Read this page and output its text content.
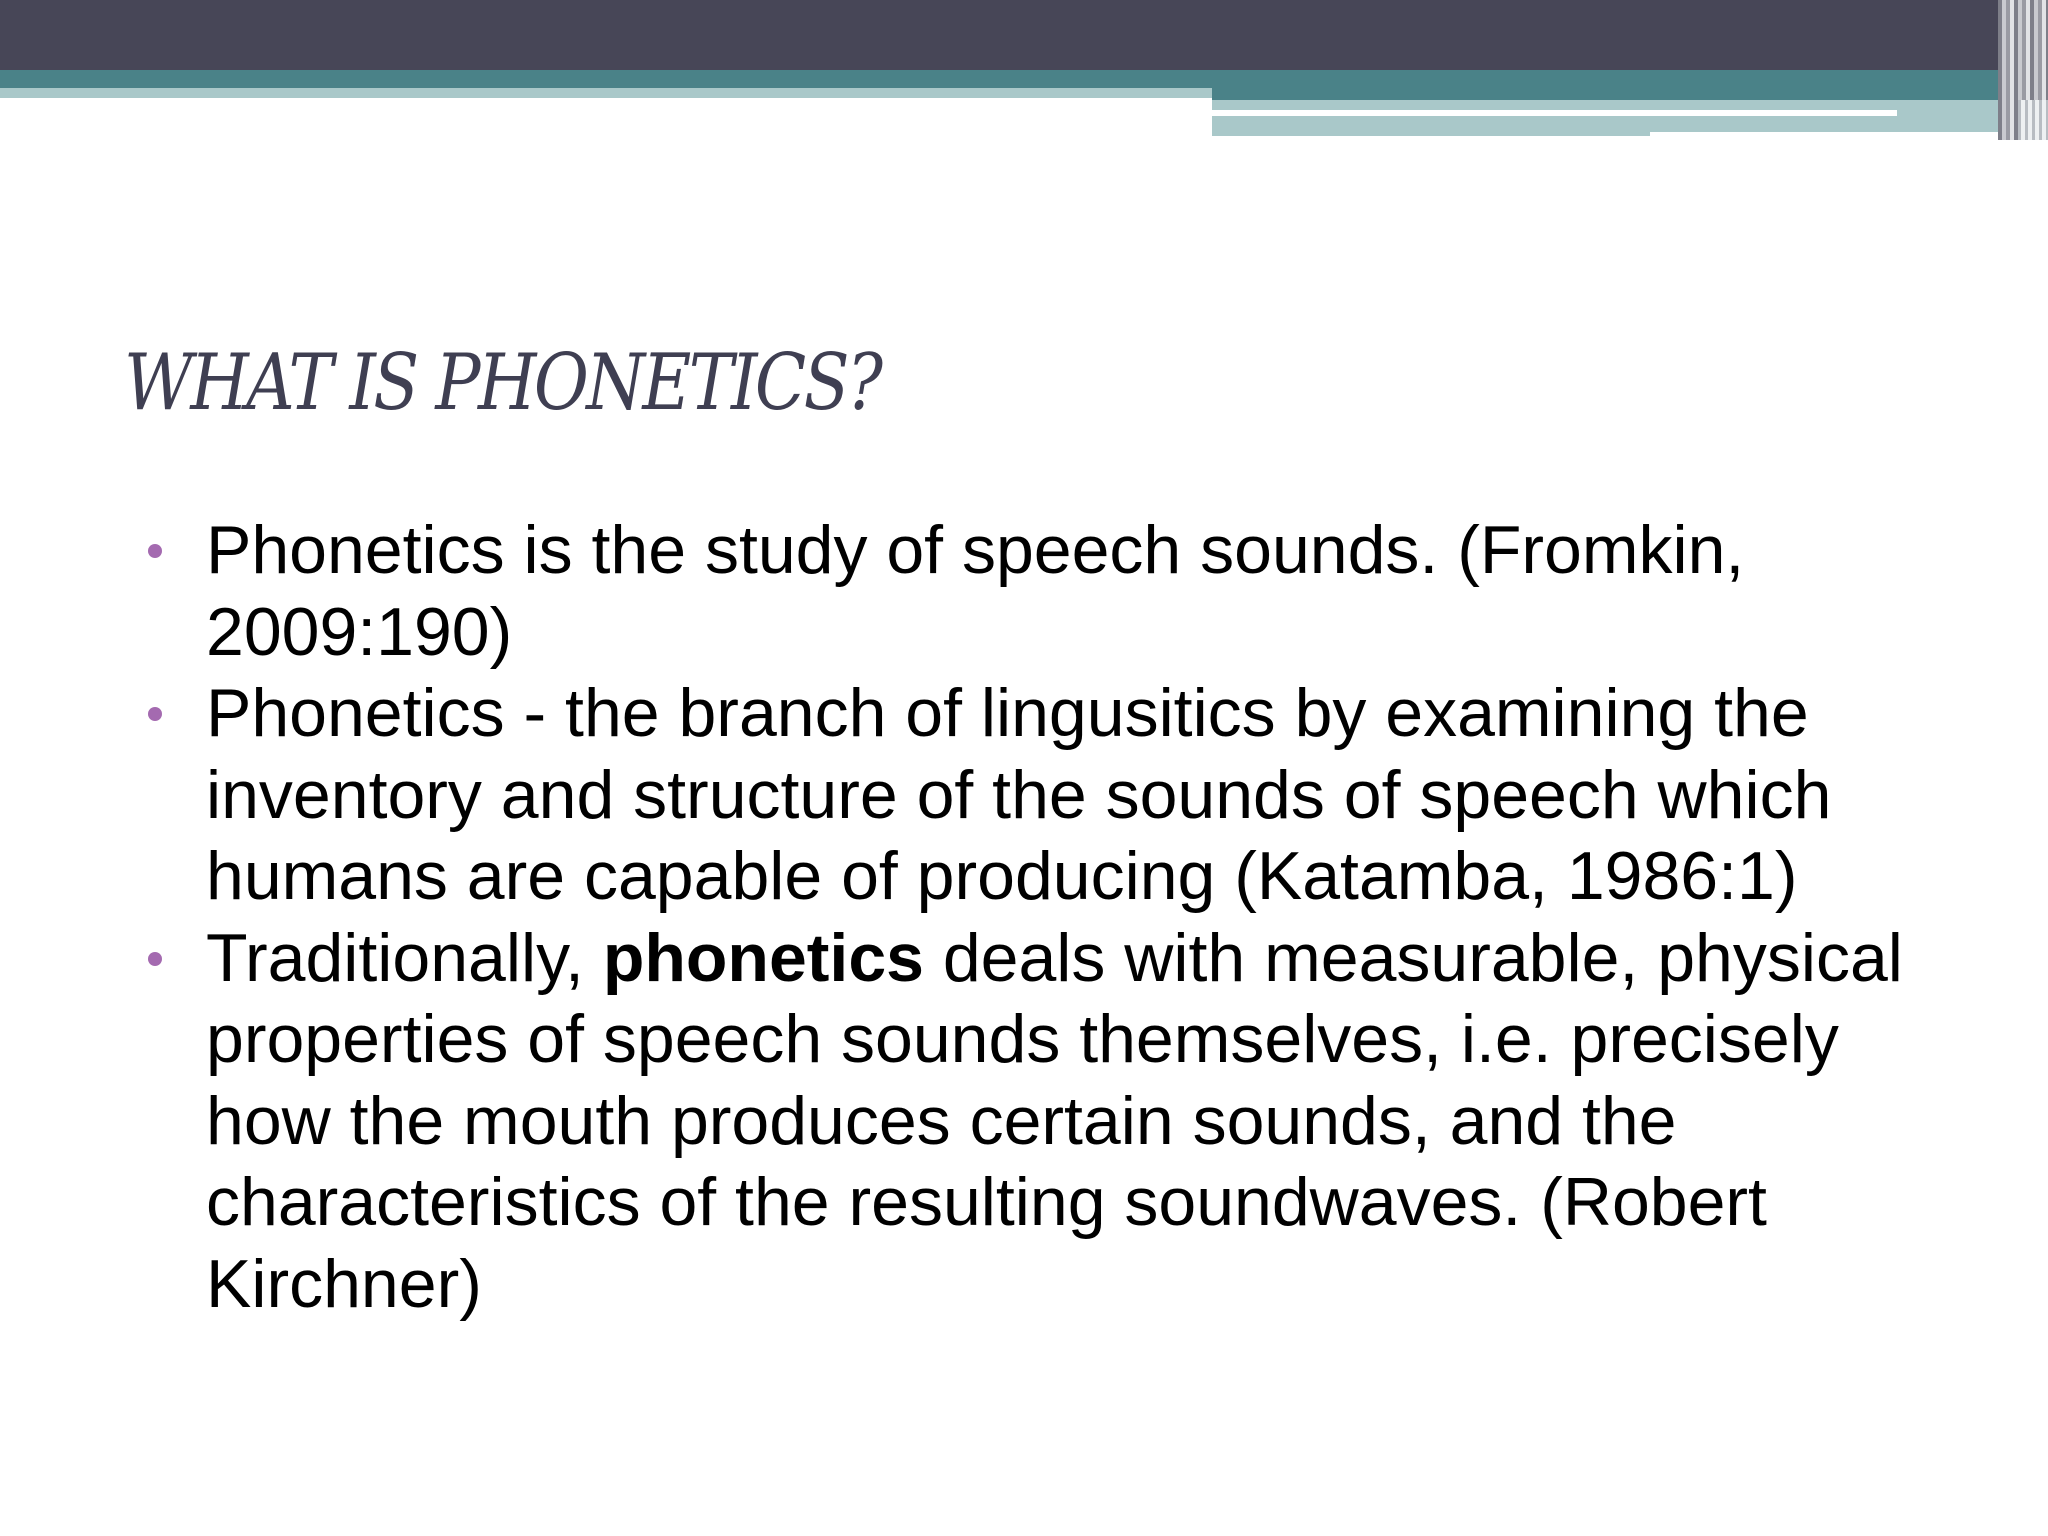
WHAT IS PHONETICS?
Phonetics is the study of speech sounds. (Fromkin, 2009:190)
Phonetics - the branch of lingusitics by examining the inventory and structure of the sounds of speech which humans are capable of producing (Katamba, 1986:1)
Traditionally, phonetics deals with measurable, physical properties of speech sounds themselves, i.e. precisely how the mouth produces certain sounds, and the characteristics of the resulting soundwaves. (Robert Kirchner)
